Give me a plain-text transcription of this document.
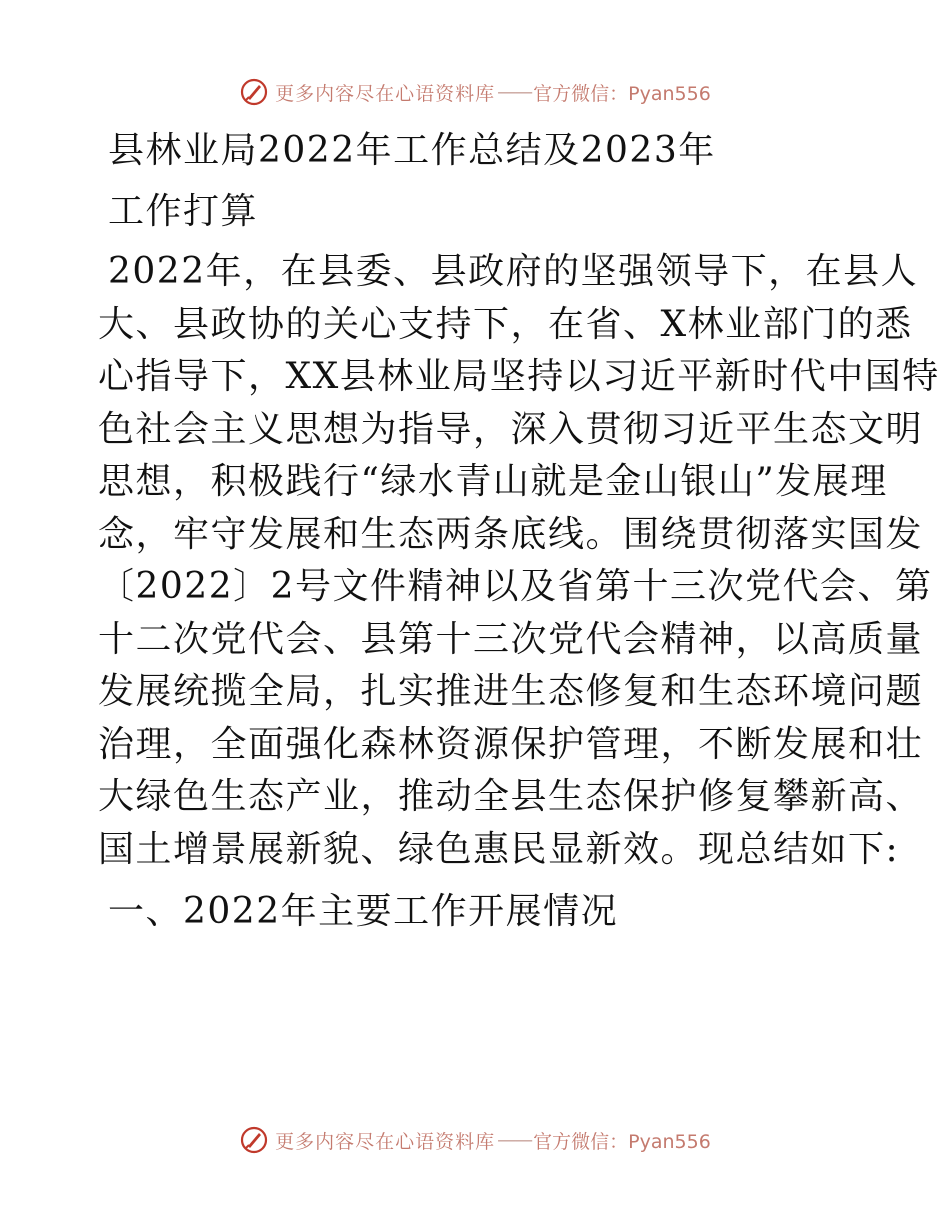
更多内容尽在心语资料库 —— 官方微信：Pyan556
县林业局2022年工作总结及2023年
工作打算
2022年，在县委、县政府的坚强领导下，在县人
大、县政协的关心支持下，在省、X林业部门的悉
心指导下，XX县林业局坚持以习近平新时代中国特
色社会主义思想为指导，深入贯彻习近平生态文明
思想，积极践行“绿水青山就是金山银山”发展理
念，牢守发展和生态两条底线。围绕贯彻落实国发
〔2022〕2号文件精神以及省第十三次党代会、第
十二次党代会、县第十三次党代会精神，以高质量
发展统揽全局，扎实推进生态修复和生态环境问题
治理，全面强化森林资源保护管理，不断发展和壮
大绿色生态产业，推动全县生态保护修复攀新高、
国土增景展新貌、绿色惠民显新效。现总结如下:
一、2022年主要工作开展情况
更多内容尽在心语资料库 —— 官方微信：Pyan556
